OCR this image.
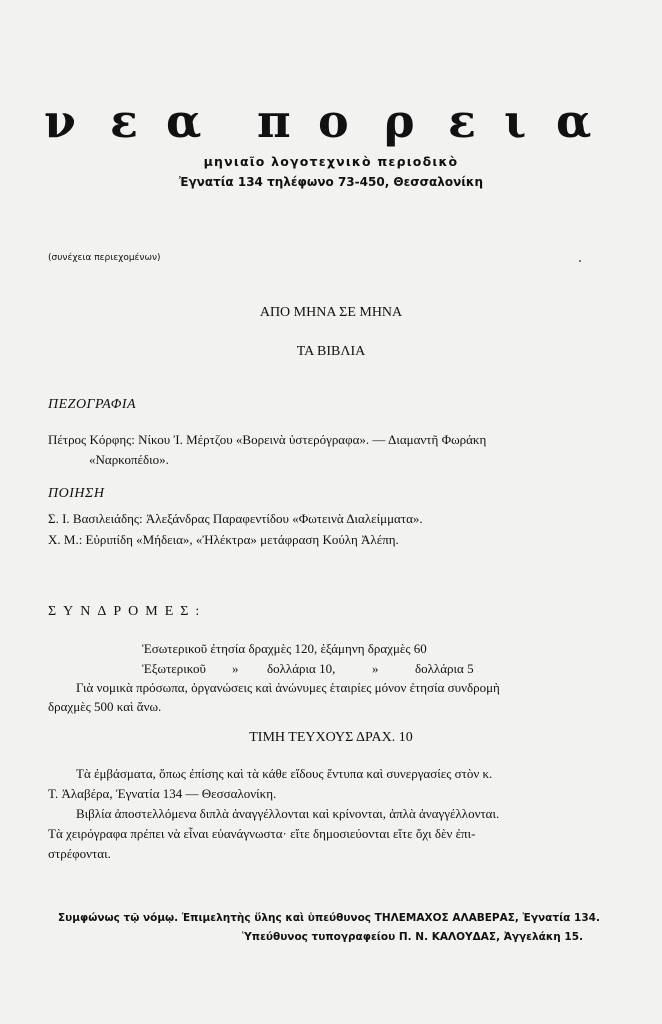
ν ε α π ο ρ ε ι α
μηνιαῖο λογοτεχνικὸ περιοδικὸ
Ἐγνατία 134 τηλέφωνο 73-450, Θεσσαλονίκη
(συνέχεια περιεχομένων)
ΑΠΟ ΜΗΝΑ ΣΕ ΜΗΝΑ
ΤΑ ΒΙΒΛΙΑ
ΠΕΖΟΓΡΑΦΙΑ
Πέτρος Κόρφης: Νίκου Ἰ. Μέρτζου «Βορεινὰ ὑστερόγραφα». — Διαμαντῆ Φωράκη
«Ναρκοπέδιο».
ΠΟΙΗΣΗ
Σ. Ι. Βασιλειάδης: Ἀλεξάνδρας Παραφεντίδου «Φωτεινὰ Διαλείμματα».
Χ. Μ.: Εὐριπίδη «Μήδεια», «Ἠλέκτρα» μετάφραση Κούλη Ἀλέπη.
ΣΥΝΔΡΟΜΕΣ:
Ἐσωτερικοῦ ἐτησία δραχμὲς 120, ἑξάμηνη δραχμὲς 60
Ἐξωτερικοῦ » δολλάρια 10,	»	δολλάρια 5
Γιὰ νομικὰ πρόσωπα, ὀργανώσεις καὶ ἀνώνυμες ἑταιρίες μόνον ἐτησία συνδρομὴ
δραχμὲς 500 καὶ ἄνω.
ΤΙΜΗ ΤΕΥΧΟΥΣ ΔΡΑΧ. 10
Τὰ ἐμβάσματα, ὅπως ἐπίσης καὶ τὰ κάθε εἴδους ἔντυπα καὶ συνεργασίες στὸν κ.
Τ. Ἀλαβέρα, Ἐγνατία 134 — Θεσσαλονίκη.
Βιβλία ἀποστελλόμενα διπλὰ ἀναγγέλλονται καὶ κρίνονται, ἁπλὰ ἀναγγέλλονται.
Τὰ χειρόγραφα πρέπει νὰ εἶναι εὐανάγνωστα· εἴτε δημοσιεύονται εἴτε ὄχι δὲν ἐπι-
στρέφονται.
Συμφώνως τῷ νόμῳ. Ἐπιμελητὴς ὕλης καὶ ὑπεύθυνος ΤΗΛΕΜΑΧΟΣ ΑΛΑΒΕΡΑΣ, Ἐγνατία 134.
Ὑπεύθυνος τυπογραφείου Π. Ν. ΚΑΛΟΥΔΑΣ, Ἀγγελάκη 15.
